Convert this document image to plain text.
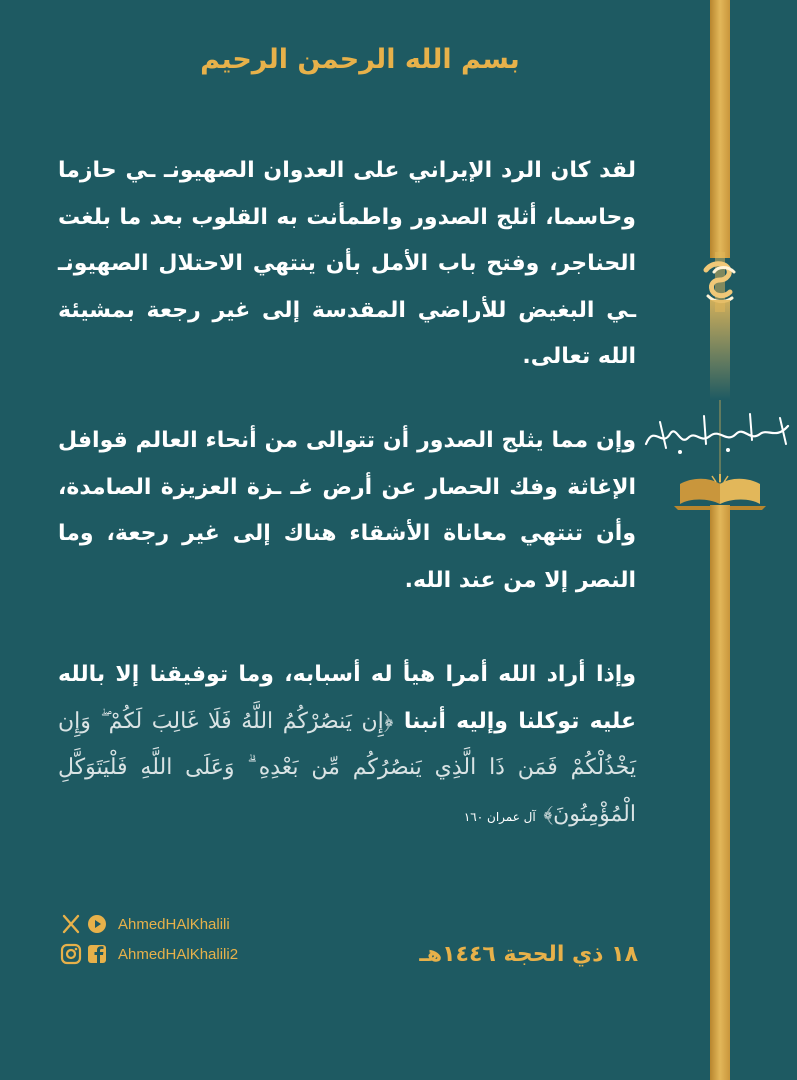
بسم الله الرحمن الرحيم

لقد كان الرد الإيراني على العدوان الصهيونـ ـي حازما وحاسما، أثلج الصدور واطمأنت به القلوب بعد ما بلغت الحناجر، وفتح باب الأمل بأن ينتهي الاحتلال الصهيونـ ـي البغيض للأراضي المقدسة إلى غير رجعة بمشيئة الله تعالى.

وإن مما يثلج الصدور أن تتوالى من أنحاء العالم قوافل الإغاثة وفك الحصار عن أرض غـ ـزة العزيزة الصامدة، وأن تنتهي معاناة الأشقاء هناك إلى غير رجعة، وما النصر إلا من عند الله.

وإذا أراد الله أمرا هيأ له أسبابه، وما توفيقنا إلا بالله عليه توكلنا وإليه أنبنا ﴿إِن يَنصُرْكُمُ اللَّهُ فَلَا غَالِبَ لَكُمْ ۖ وَإِن يَخْذُلْكُمْ فَمَن ذَا الَّذِي يَنصُرُكُم مِّن بَعْدِهِ ۗ وَعَلَى اللَّهِ فَلْيَتَوَكَّلِ الْمُؤْمِنُونَ﴾ آل عمران ١٦٠

AhmedHAlKhalili
AhmedHAlKhalili2	١٨ ذي الحجة ١٤٤٦هـ
